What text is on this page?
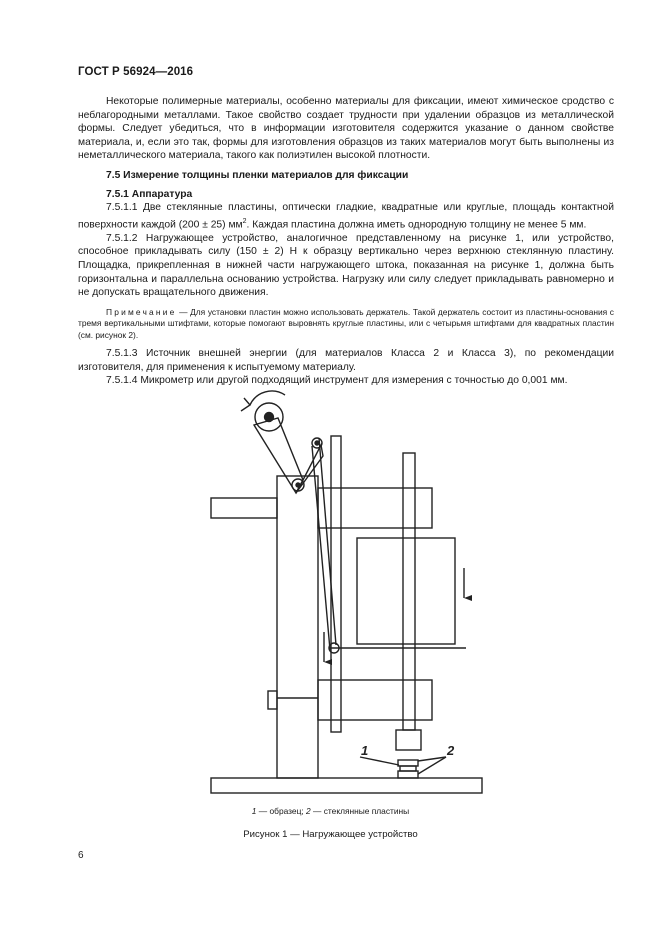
ГОСТ Р 56924—2016

Некоторые полимерные материалы, особенно материалы для фиксации, имеют химическое сродство с неблагородными металлами. Такое свойство создает трудности при удалении образцов из металлической формы. Следует убедиться, что в информации изготовителя содержится указание о данном свойстве материала, и, если это так, формы для изготовления образцов из таких материалов могут быть выполнены из неметаллического материала, такого как полиэтилен высокой плотности.

7.5 Измерение толщины пленки материалов для фиксации

7.5.1 Аппаратура

7.5.1.1 Две стеклянные пластины, оптически гладкие, квадратные или круглые, площадь контактной поверхности каждой (200 ± 25) $мм^2$. Каждая пластина должна иметь однородную толщину не менее 5 мм.

7.5.1.2 Нагружающее устройство, аналогичное представленному на рисунке 1, или устройство, способное прикладывать силу (150 ± 2) Н к образцу вертикально через верхнюю стеклянную пластину. Площадка, прикрепленная в нижней части нагружающего штока, показанная на рисунке 1, должна быть горизонтальна и параллельна основанию устройства. Нагрузку или силу следует прикладывать равномерно и не допускать вращательного движения.

Примечание — Для установки пластин можно использовать держатель. Такой держатель состоит из пластины-основания с тремя вертикальными штифтами, которые помогают выровнять круглые пластины, или с четырьмя штифтами для квадратных пластин (см. рисунок 2).

7.5.1.3 Источник внешней энергии (для материалов Класса 2 и Класса 3), по рекомендации изготовителя, для применения к испытуемому материалу.

7.5.1.4 Микрометр или другой подходящий инструмент для измерения с точностью до 0,001 мм.

1	2
1 — образец; 2 — стеклянные пластины
Рисунок 1 — Нагружающее устройство
6
